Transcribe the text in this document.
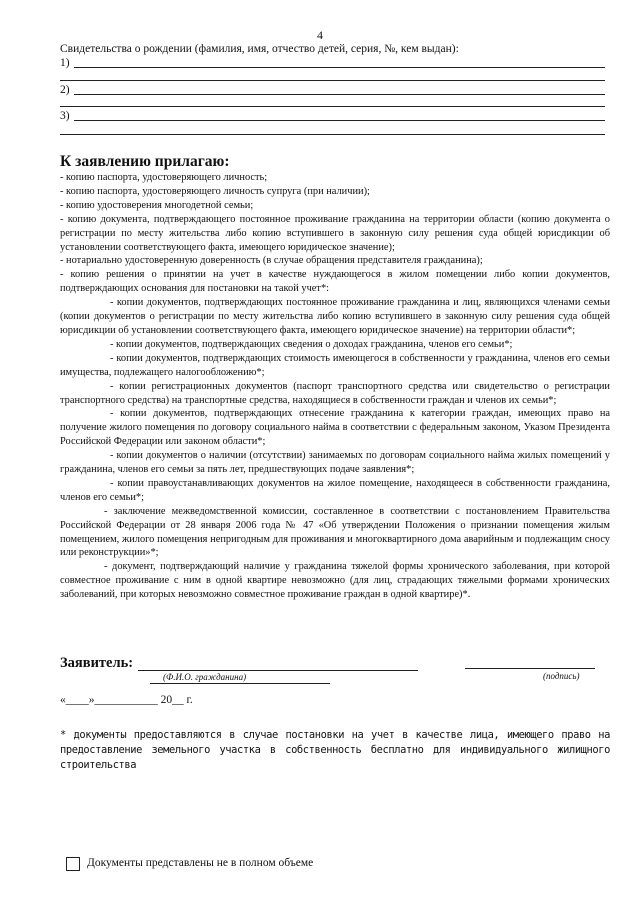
4
Свидетельства о рождении (фамилия, имя, отчество детей, серия, №, кем выдан):
1)
2)
3)
К заявлению прилагаю:

- копию паспорта, удостоверяющего личность;

- копию паспорта, удостоверяющего личность супруга (при наличии);

- копию удостоверения многодетной семьи;

- копию документа, подтверждающего постоянное проживание гражданина на территории области (копию документа о регистрации по месту жительства либо копию вступившего в законную силу решения суда общей юрисдикции об установлении соответствующего факта, имеющего юридическое значение);

- нотариально удостоверенную доверенность (в случае обращения представителя гражданина);

- копию решения о принятии на учет в качестве нуждающегося в жилом помещении либо копии документов, подтверждающих основания для постановки на такой учет*:

- копии документов, подтверждающих постоянное проживание гражданина и лиц, являющихся членами семьи (копии документов о регистрации по месту жительства либо копию вступившего в законную силу решения суда общей юрисдикции об установлении соответствующего факта, имеющего юридическое значение) на территории области*;

- копии документов, подтверждающих сведения о доходах гражданина, членов его семьи*;

- копии документов, подтверждающих стоимость имеющегося в собственности у гражданина, членов его семьи имущества, подлежащего налогообложению*;

- копии регистрационных документов (паспорт транспортного средства или свидетельство о регистрации транспортного средства) на транспортные средства, находящиеся в собственности граждан и членов их семьи*;

- копии документов, подтверждающих отнесение гражданина к категории граждан, имеющих право на получение жилого помещения по договору социального найма в соответствии с федеральным законом, Указом Президента Российской Федерации или законом области*;

- копии документов о наличии (отсутствии) занимаемых по договорам социального найма жилых помещений у гражданина, членов его семьи за пять лет, предшествующих подаче заявления*;

- копии правоустанавливающих документов на жилое помещение, находящееся в собственности гражданина, членов его семьи*;

- заключение межведомственной комиссии, составленное в соответствии с постановлением Правительства Российской Федерации от 28 января 2006 года № 47 «Об утверждении Положения о признании помещения жилым помещением, жилого помещения непригодным для проживания и многоквартирного дома аварийным и подлежащим сносу или реконструкции»*;

- документ, подтверждающий наличие у гражданина тяжелой формы хронического заболевания, при которой совместное проживание с ним в одной квартире невозможно (для лиц, страдающих тяжелыми формами хронических заболеваний, при которых невозможно совместное проживание граждан в одной квартире)*.

Заявитель:
(Ф.И.О. гражданина)	(подпись)
«____»___________ 20__ г.
* документы предоставляются в случае постановки на учет в качестве лица, имеющего право на предоставление земельного участка в собственность бесплатно для индивидуального жилищного строительства
Документы представлены не в полном объеме
